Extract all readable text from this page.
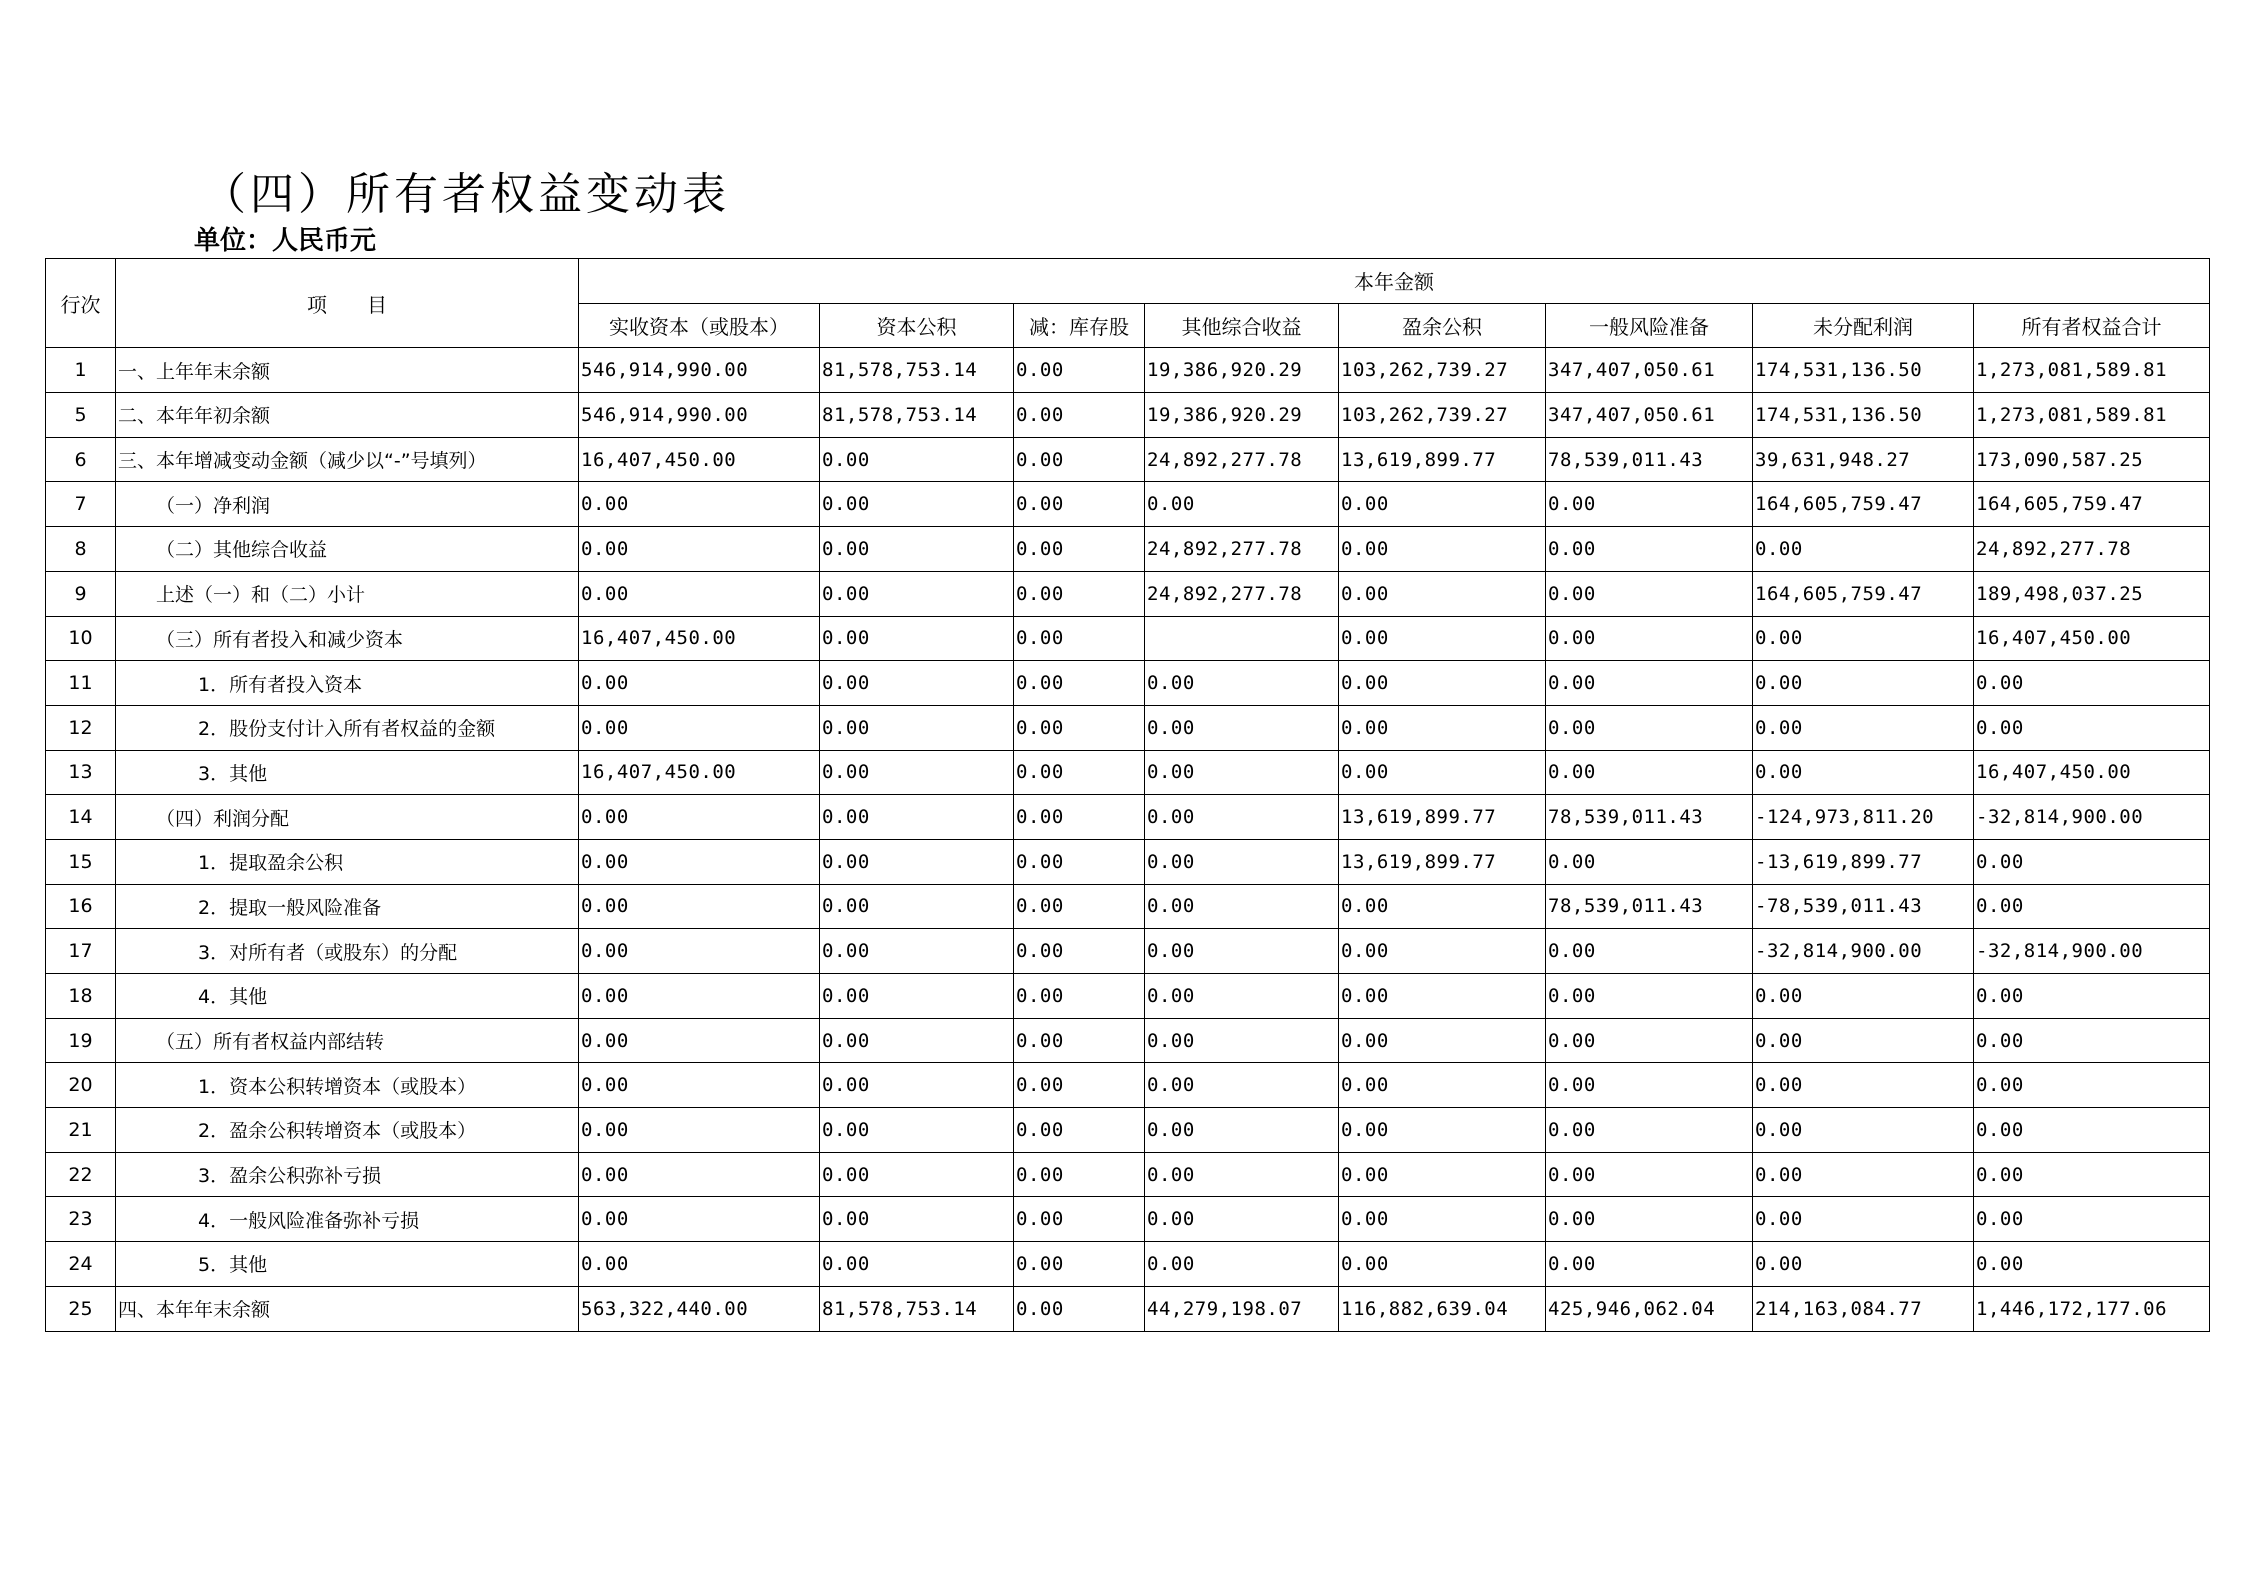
（四）所有者权益变动表
单位：人民币元
行次	项　　目	本年金额							
		实收资本（或股本）	资本公积	减：库存股	其他综合收益	盈余公积	一般风险准备	未分配利润	所有者权益合计
1	一、上年年末余额	546,914,990.00	81,578,753.14	0.00	19,386,920.29	103,262,739.27	347,407,050.61	174,531,136.50	1,273,081,589.81
5	二、本年年初余额	546,914,990.00	81,578,753.14	0.00	19,386,920.29	103,262,739.27	347,407,050.61	174,531,136.50	1,273,081,589.81
6	三、本年增减变动金额（减少以“-”号填列）	16,407,450.00	0.00	0.00	24,892,277.78	13,619,899.77	78,539,011.43	39,631,948.27	173,090,587.25
7	（一）净利润	0.00	0.00	0.00	0.00	0.00	0.00	164,605,759.47	164,605,759.47
8	（二）其他综合收益	0.00	0.00	0.00	24,892,277.78	0.00	0.00	0.00	24,892,277.78
9	上述（一）和（二）小计	0.00	0.00	0.00	24,892,277.78	0.00	0.00	164,605,759.47	189,498,037.25
10	（三）所有者投入和减少资本	16,407,450.00	0.00	0.00		0.00	0.00	0.00	16,407,450.00
11	1．所有者投入资本	0.00	0.00	0.00	0.00	0.00	0.00	0.00	0.00
12	2．股份支付计入所有者权益的金额	0.00	0.00	0.00	0.00	0.00	0.00	0.00	0.00
13	3．其他	16,407,450.00	0.00	0.00	0.00	0.00	0.00	0.00	16,407,450.00
14	（四）利润分配	0.00	0.00	0.00	0.00	13,619,899.77	78,539,011.43	-124,973,811.20	-32,814,900.00
15	1．提取盈余公积	0.00	0.00	0.00	0.00	13,619,899.77	0.00	-13,619,899.77	0.00
16	2．提取一般风险准备	0.00	0.00	0.00	0.00	0.00	78,539,011.43	-78,539,011.43	0.00
17	3．对所有者（或股东）的分配	0.00	0.00	0.00	0.00	0.00	0.00	-32,814,900.00	-32,814,900.00
18	4．其他	0.00	0.00	0.00	0.00	0.00	0.00	0.00	0.00
19	（五）所有者权益内部结转	0.00	0.00	0.00	0.00	0.00	0.00	0.00	0.00
20	1．资本公积转增资本（或股本）	0.00	0.00	0.00	0.00	0.00	0.00	0.00	0.00
21	2．盈余公积转增资本（或股本）	0.00	0.00	0.00	0.00	0.00	0.00	0.00	0.00
22	3．盈余公积弥补亏损	0.00	0.00	0.00	0.00	0.00	0.00	0.00	0.00
23	4．一般风险准备弥补亏损	0.00	0.00	0.00	0.00	0.00	0.00	0.00	0.00
24	5．其他	0.00	0.00	0.00	0.00	0.00	0.00	0.00	0.00
25	四、本年年末余额	563,322,440.00	81,578,753.14	0.00	44,279,198.07	116,882,639.04	425,946,062.04	214,163,084.77	1,446,172,177.06
